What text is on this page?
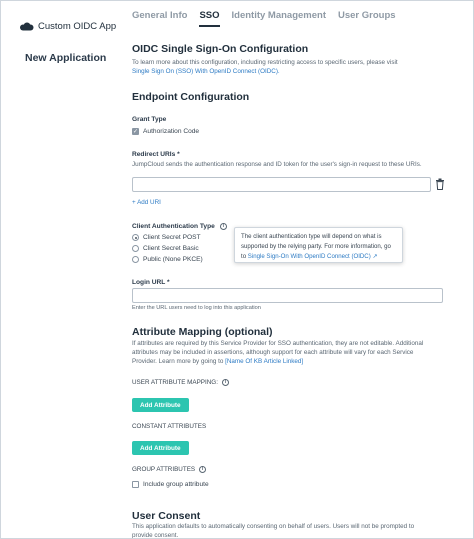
Custom OIDC App
New Application
General Info SSO Identity Management User Groups
OIDC Single Sign-On Configuration
To learn more about this configuration, including restricting access to specific users, please visit
Single Sign On (SSO) With OpenID Connect (OIDC).
Endpoint Configuration
Grant Type
✓ Authorization Code
Redirect URIs *
JumpCloud sends the authentication response and ID token for the user's sign-in request to these URIs.
+ Add URI
Client Authentication Type	i
Client Secret POST
Client Secret Basic
Public (None PKCE)
The client authentication type will depend on what is
supported by the relying party. For more information, go
to Single Sign-On With OpenID Connect (OIDC) ↗
Login URL *
Enter the URL users need to log into this application
Attribute Mapping (optional)
If attributes are required by this Service Provider for SSO authentication, they are not editable. Additional
attributes may be included in assertions, although support for each attribute will vary for each Service
Provider. Learn more by going to [Name Of KB Article Linked]
USER ATTRIBUTE MAPPING:	i
Add Attribute
CONSTANT ATTRIBUTES
Add Attribute
GROUP ATTRIBUTES	i
Include group attribute
User Consent
This application defaults to automatically consenting on behalf of users. Users will not be prompted to
provide consent.
